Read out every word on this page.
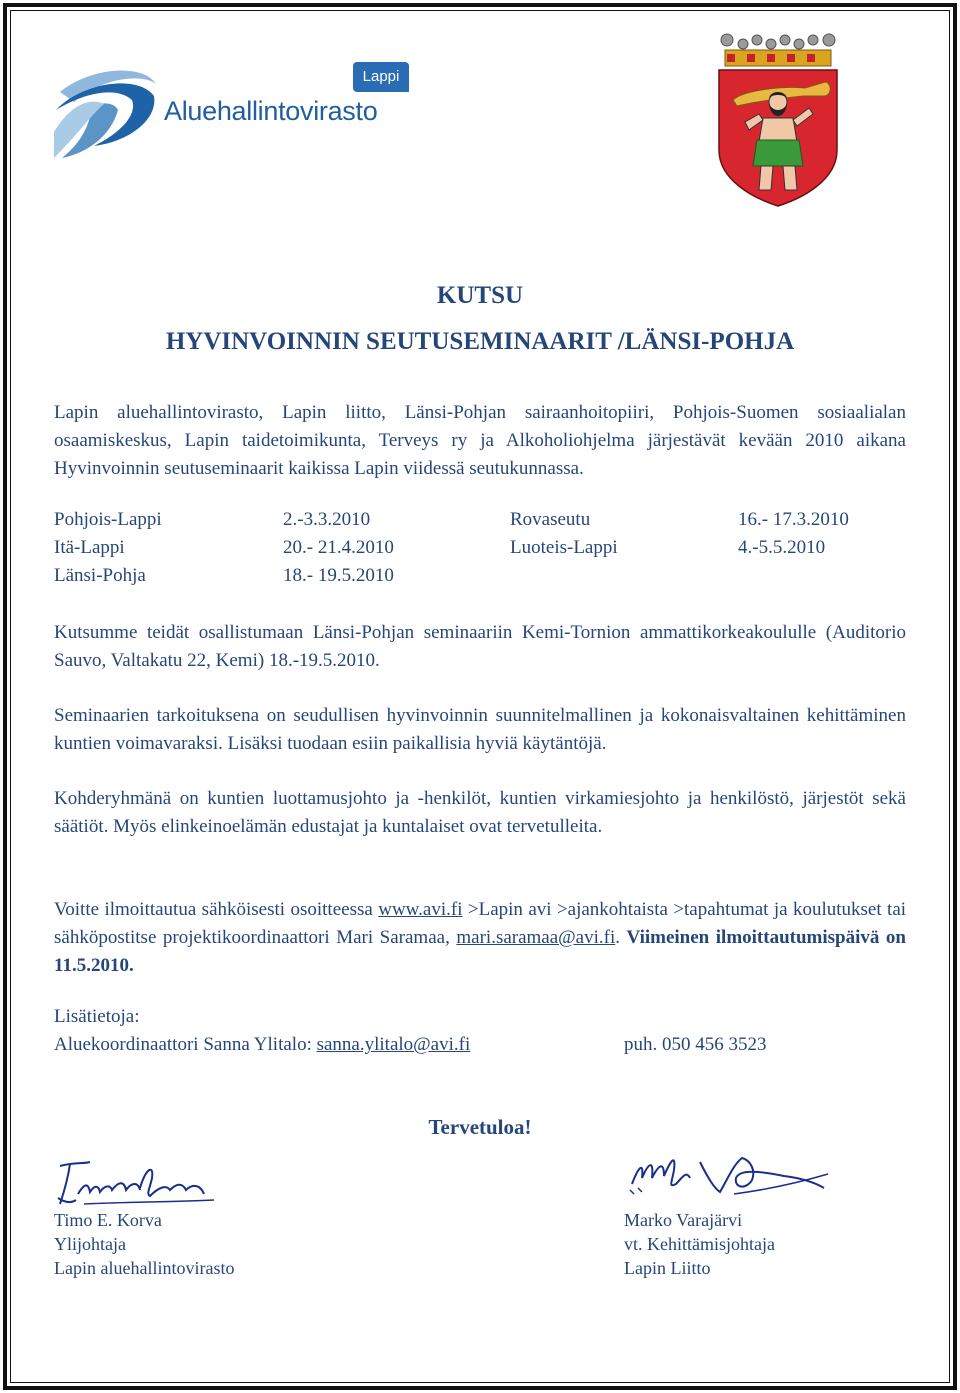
Lappi
Aluehallintovirasto
KUTSU
HYVINVOINNIN SEUTUSEMINAARIT /LÄNSI-POHJA
Lapin aluehallintovirasto, Lapin liitto, Länsi-Pohjan sairaanhoitopiiri, Pohjois-Suomen sosiaalialan osaamiskeskus, Lapin taidetoimikunta, Terveys ry ja Alkoholiohjelma järjestävät kevään 2010 aikana Hyvinvoinnin seutuseminaarit kaikissa Lapin viidessä seutukunnassa.
Pohjois-Lappi	2.-3.3.2010	Rovaseutu	16.- 17.3.2010
Itä-Lappi	20.- 21.4.2010	Luoteis-Lappi	4.-5.5.2010
Länsi-Pohja	18.- 19.5.2010
Kutsumme teidät osallistumaan Länsi-Pohjan seminaariin Kemi-Tornion ammattikorkeakoululle (Auditorio Sauvo, Valtakatu 22, Kemi) 18.-19.5.2010.
Seminaarien tarkoituksena on seudullisen hyvinvoinnin suunnitelmallinen ja kokonaisvaltainen kehittäminen kuntien voimavaraksi. Lisäksi tuodaan esiin paikallisia hyviä käytäntöjä.
Kohderyhmänä on kuntien luottamusjohto ja -henkilöt, kuntien virkamiesjohto ja henkilöstö, järjestöt sekä säätiöt. Myös elinkeinoelämän edustajat ja kuntalaiset ovat tervetulleita.
Voitte ilmoittautua sähköisesti osoitteessa www.avi.fi >Lapin avi >ajankohtaista >tapahtumat ja koulutukset tai sähköpostitse projektikoordinaattori Mari Saramaa, mari.saramaa@avi.fi. Viimeinen ilmoittautumispäivä on 11.5.2010.
Lisätietoja:
Aluekoordinaattori Sanna Ylitalo: sanna.ylitalo@avi.fi	puh. 050 456 3523
Tervetuloa!
Timo E. Korva
Ylijohtaja
Lapin aluehallintovirasto
Marko Varajärvi
vt. Kehittämisjohtaja
Lapin Liitto
